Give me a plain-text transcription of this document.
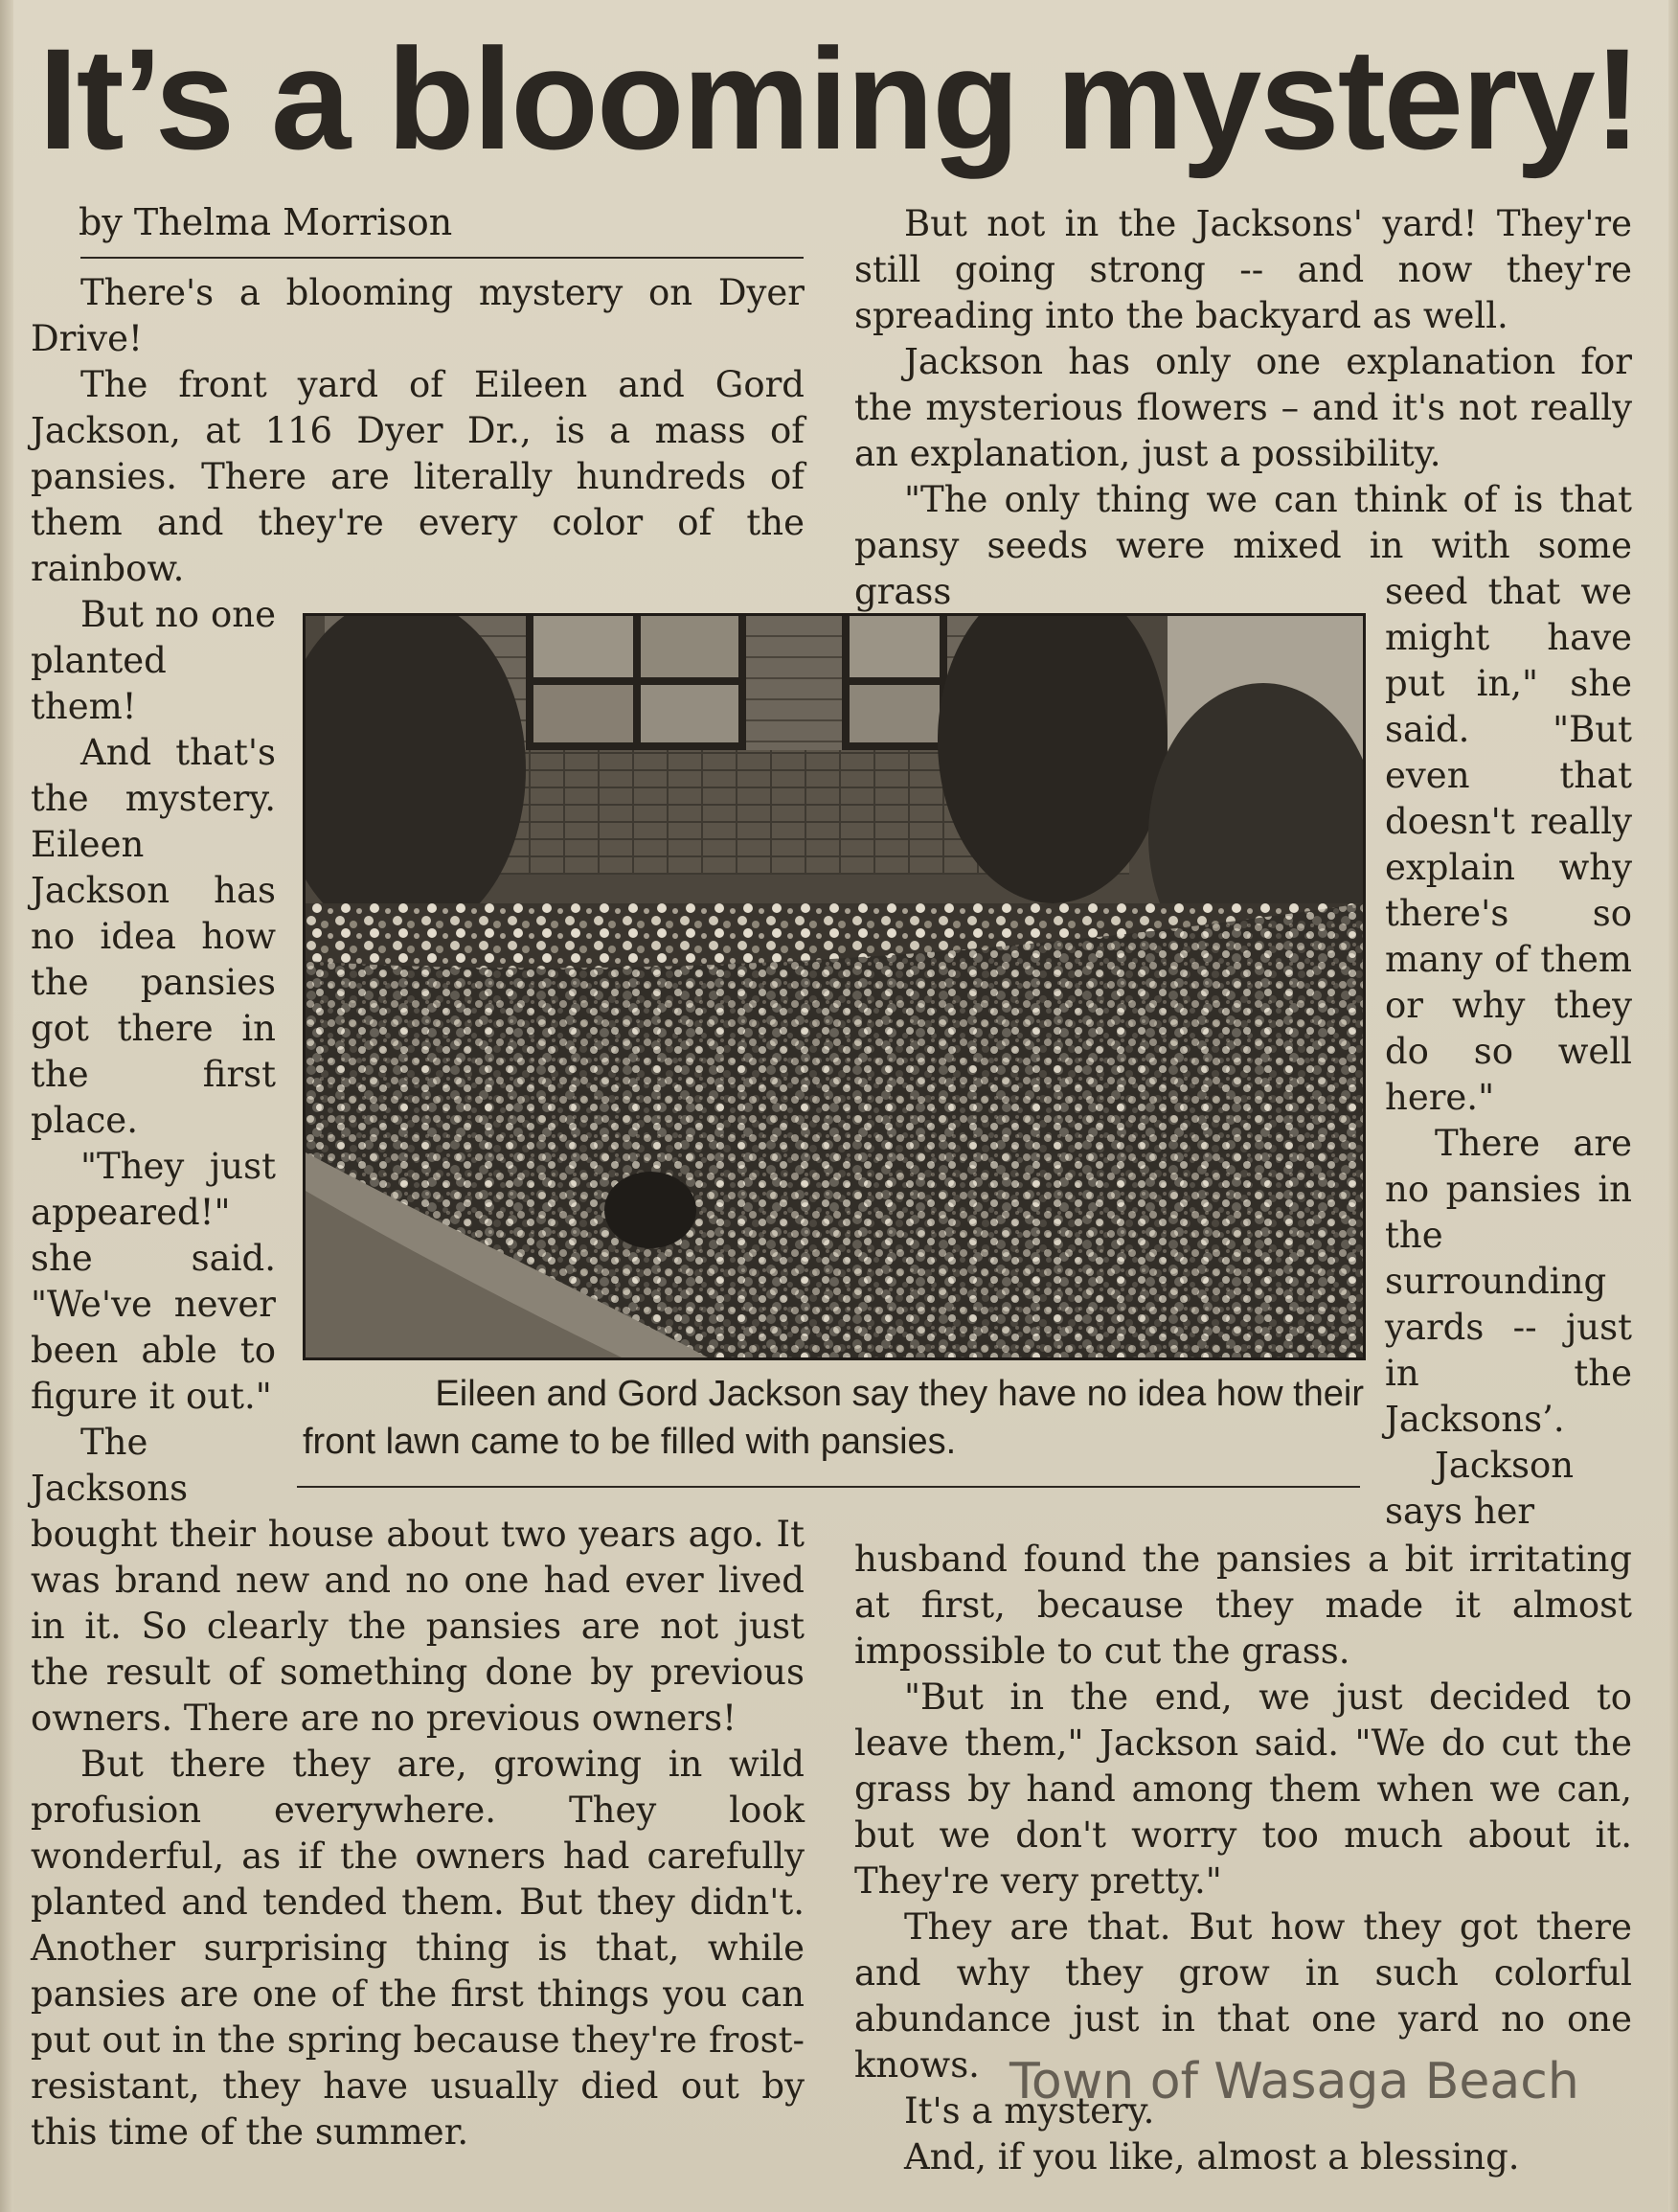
It’s a blooming mystery!
by Thelma Morrison

There's a blooming mystery on Dyer Drive!

The front yard of Eileen and Gord Jackson, at 116 Dyer Dr., is a mass of pansies. There are literally hundreds of them and they're every color of the rainbow.

But no one planted them!

And that's the mystery. Eileen Jackson has no idea how the pansies got there in the first place.

"They just appeared!" she said. "We've never been able to figure it out."

The Jacksons

bought their house about two years ago. It was brand new and no one had ever lived in it. So clearly the pansies are not just the result of something done by previous owners. There are no previous owners!

But there they are, growing in wild profusion everywhere. They look wonderful, as if the owners had carefully planted and tended them. But they didn't. Another surprising thing is that, while pansies are one of the first things you can put out in the spring because they're frost-resistant, they have usually died out by this time of the summer.

But not in the Jacksons' yard! They're still going strong -- and now they're spreading into the backyard as well.

Jackson has only one explanation for the mysterious flowers – and it's not really an explanation, just a possibility.

"The only thing we can think of is that pansy seeds were mixed in with some grass	seed that we might have put in," she said. "But even that doesn't really explain why there's so many of them or why they do so well here."

There are no pansies in the surrounding yards -- just in the Jacksons’.

Jackson says her

husband found the pansies a bit irritating at first, because they made it almost impossible to cut the grass.

"But in the end, we just decided to leave them," Jackson said. "We do cut the grass by hand among them when we can, but we don't worry too much about it. They're very pretty."

They are that. But how they got there and why they grow in such colorful abundance just in that one yard no one knows.

It's a mystery.

And, if you like, almost a blessing.

Eileen and Gord Jackson say they have no idea how their

front lawn came to be filled with pansies.

Town of Wasaga Beach
